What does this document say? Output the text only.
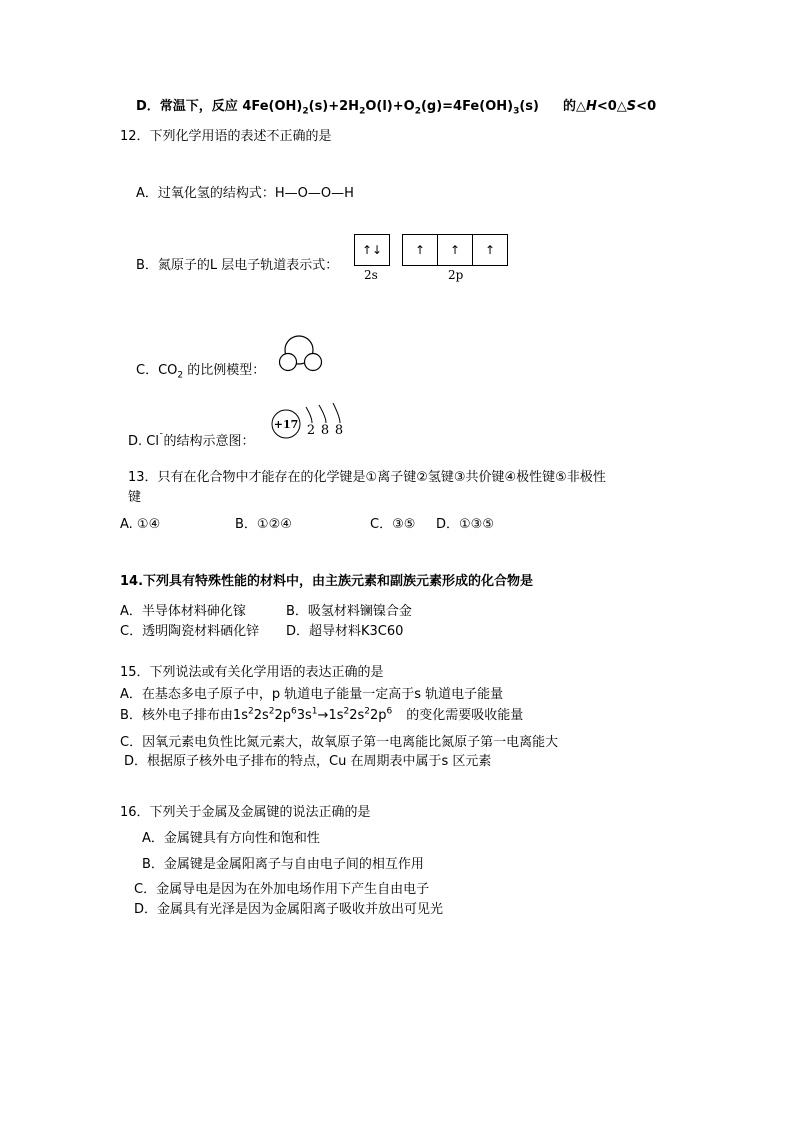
D．常温下，反应 $4Fe(OH)_2(s)+2H_2O(l)+O_2(g)=4Fe(OH)_3(s)$ 的△H<0△S<0
12．下列化学用语的表述不正确的是
A．过氧化氢的结构式：H—O—O—H
B．氮原子的L 层电子轨道表示式：
↑↓	↑	↑	↑
2s	2p
C．$CO_2$ 的比例模型：
D. Cl¯的结构示意图：
+17 2 8 8
13．只有在化合物中才能存在的化学键是①离子键②氢键③共价键④极性键⑤非极性
键
A. ①④	B．①②④	C．③⑤ D．①③⑤
14.下列具有特殊性能的材料中，由主族元素和副族元素形成的化合物是
A．半导体材料砷化镓	B．吸氢材料镧镍合金
C．透明陶瓷材料硒化锌 D．超导材料K3C60
15．下列说法或有关化学用语的表达正确的是
A．在基态多电子原子中，p 轨道电子能量一定高于s 轨道电子能量
B．核外电子排布由$1s^22s^22p^63s^1\to 1s^22s^22p^6$ 的变化需要吸收能量
C．因氧元素电负性比氮元素大，故氧原子第一电离能比氮原子第一电离能大
D．根据原子核外电子排布的特点，Cu 在周期表中属于s 区元素
16．下列关于金属及金属键的说法正确的是
A．金属键具有方向性和饱和性
B．金属键是金属阳离子与自由电子间的相互作用
C．金属导电是因为在外加电场作用下产生自由电子
D．金属具有光泽是因为金属阳离子吸收并放出可见光
